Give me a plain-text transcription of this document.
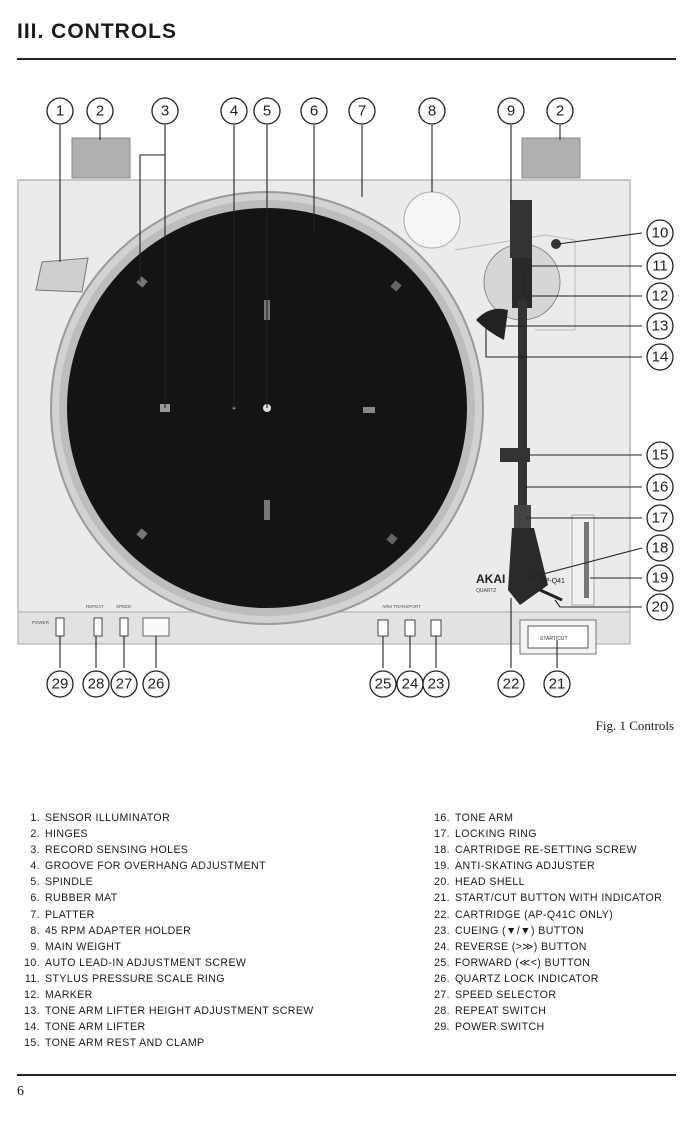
III. CONTROLS
AKAI
QUARTZ
AP-Q41
POWER
REPEAT	SPEED	ARM TRANSPORT
START/CUT
1 2	3	4 5	6	7	8	9	2
10
11
12
13
14
15
16
17
18
19
20
29 28 27 26	25 24 23	22 21
Fig. 1 Controls
1. SENSOR ILLUMINATOR
2. HINGES
3. RECORD SENSING HOLES
4. GROOVE FOR OVERHANG ADJUSTMENT
5. SPINDLE
6. RUBBER MAT
7. PLATTER
8. 45 RPM ADAPTER HOLDER
9. MAIN WEIGHT
10. AUTO LEAD-IN ADJUSTMENT SCREW
11. STYLUS PRESSURE SCALE RING
12. MARKER
13. TONE ARM LIFTER HEIGHT ADJUSTMENT SCREW
14. TONE ARM LIFTER
15. TONE ARM REST AND CLAMP
16. TONE ARM
17. LOCKING RING
18. CARTRIDGE RE-SETTING SCREW
19. ANTI-SKATING ADJUSTER
20. HEAD SHELL
21. START/CUT BUTTON WITH INDICATOR
22. CARTRIDGE (AP-Q41C ONLY)
23. CUEING (▼/▼) BUTTON
24. REVERSE (>≫) BUTTON
25. FORWARD (≪<) BUTTON
26. QUARTZ LOCK INDICATOR
27. SPEED SELECTOR
28. REPEAT SWITCH
29. POWER SWITCH
6
